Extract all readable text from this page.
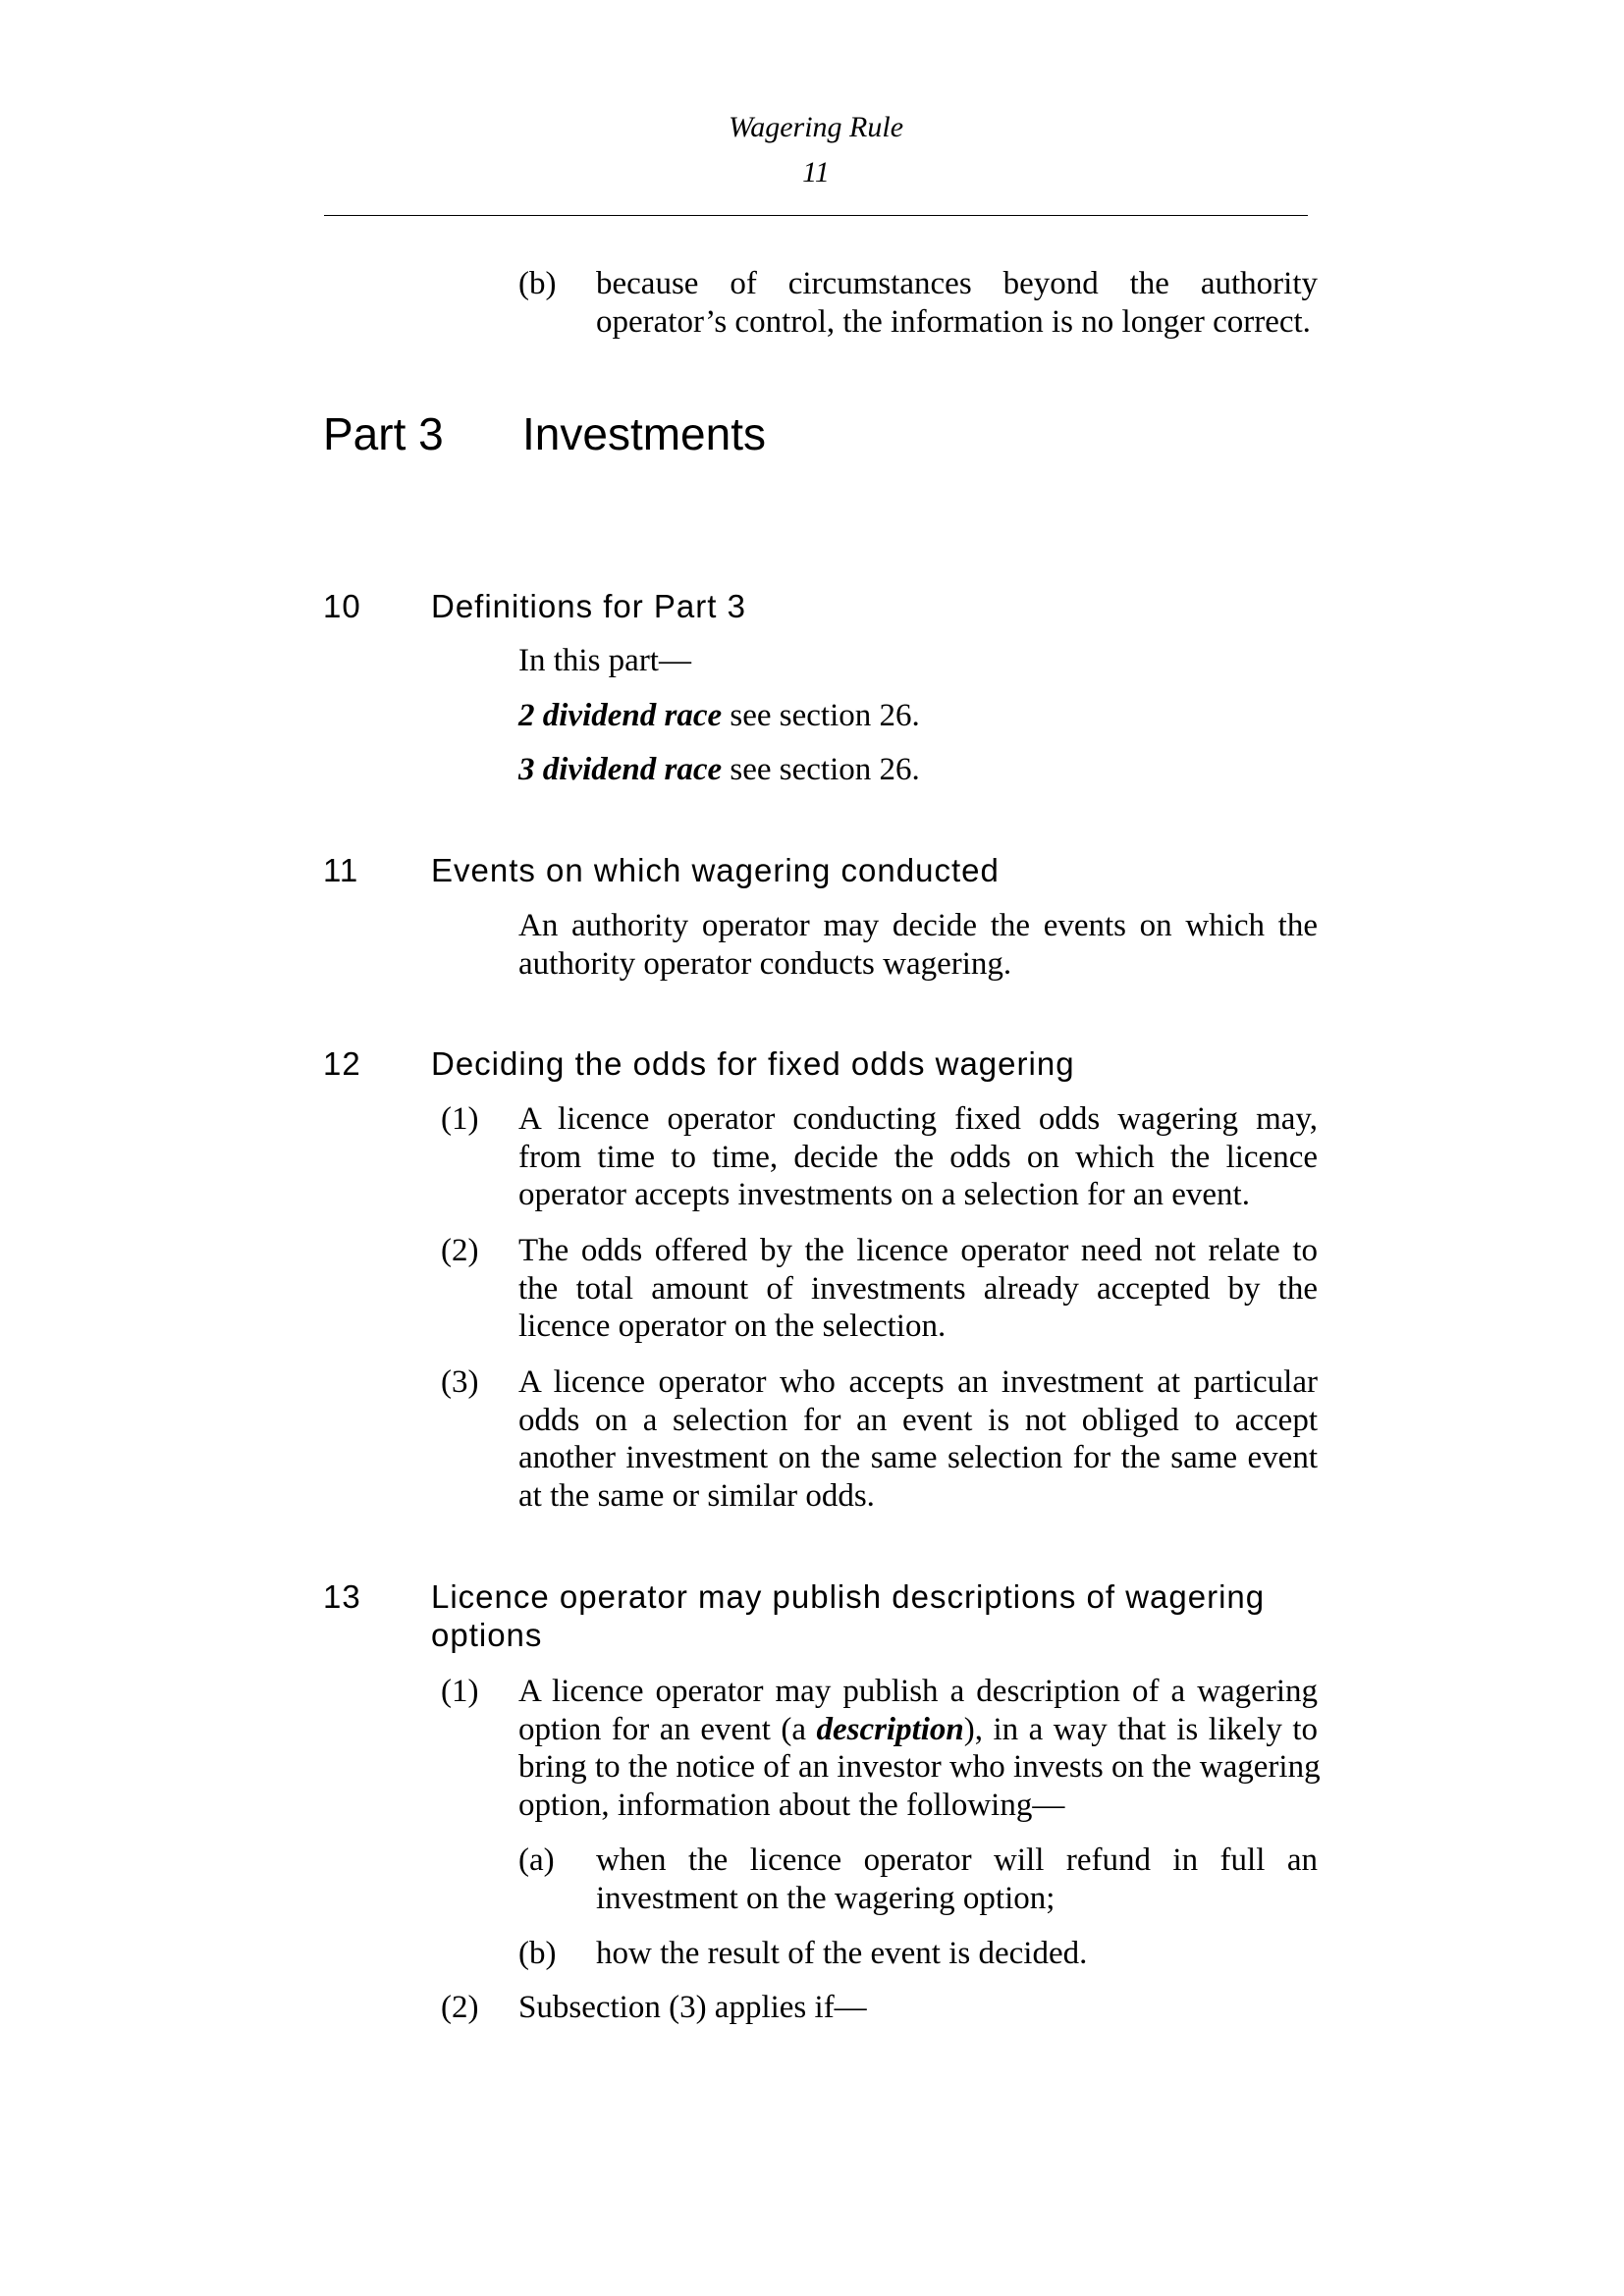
Wagering Rule
11
(b) because of circumstances beyond the authority
operator’s control, the information is no longer correct.
Part 3 Investments
10 Definitions for Part 3
In this part—
2 dividend race see section 26.
3 dividend race see section 26.
11 Events on which wagering conducted
An authority operator may decide the events on which the
authority operator conducts wagering.
12 Deciding the odds for fixed odds wagering
(1) A licence operator conducting fixed odds wagering may,
from time to time, decide the odds on which the licence
operator accepts investments on a selection for an event.
(2) The odds offered by the licence operator need not relate to
the total amount of investments already accepted by the
licence operator on the selection.
(3) A licence operator who accepts an investment at particular
odds on a selection for an event is not obliged to accept
another investment on the same selection for the same event
at the same or similar odds.
13 Licence operator may publish descriptions of wagering
options
(1) A licence operator may publish a description of a wagering
option for an event (a description), in a way that is likely to
bring to the notice of an investor who invests on the wagering
option, information about the following—
(a) when the licence operator will refund in full an
investment on the wagering option;
(b) how the result of the event is decided.
(2) Subsection (3) applies if—
